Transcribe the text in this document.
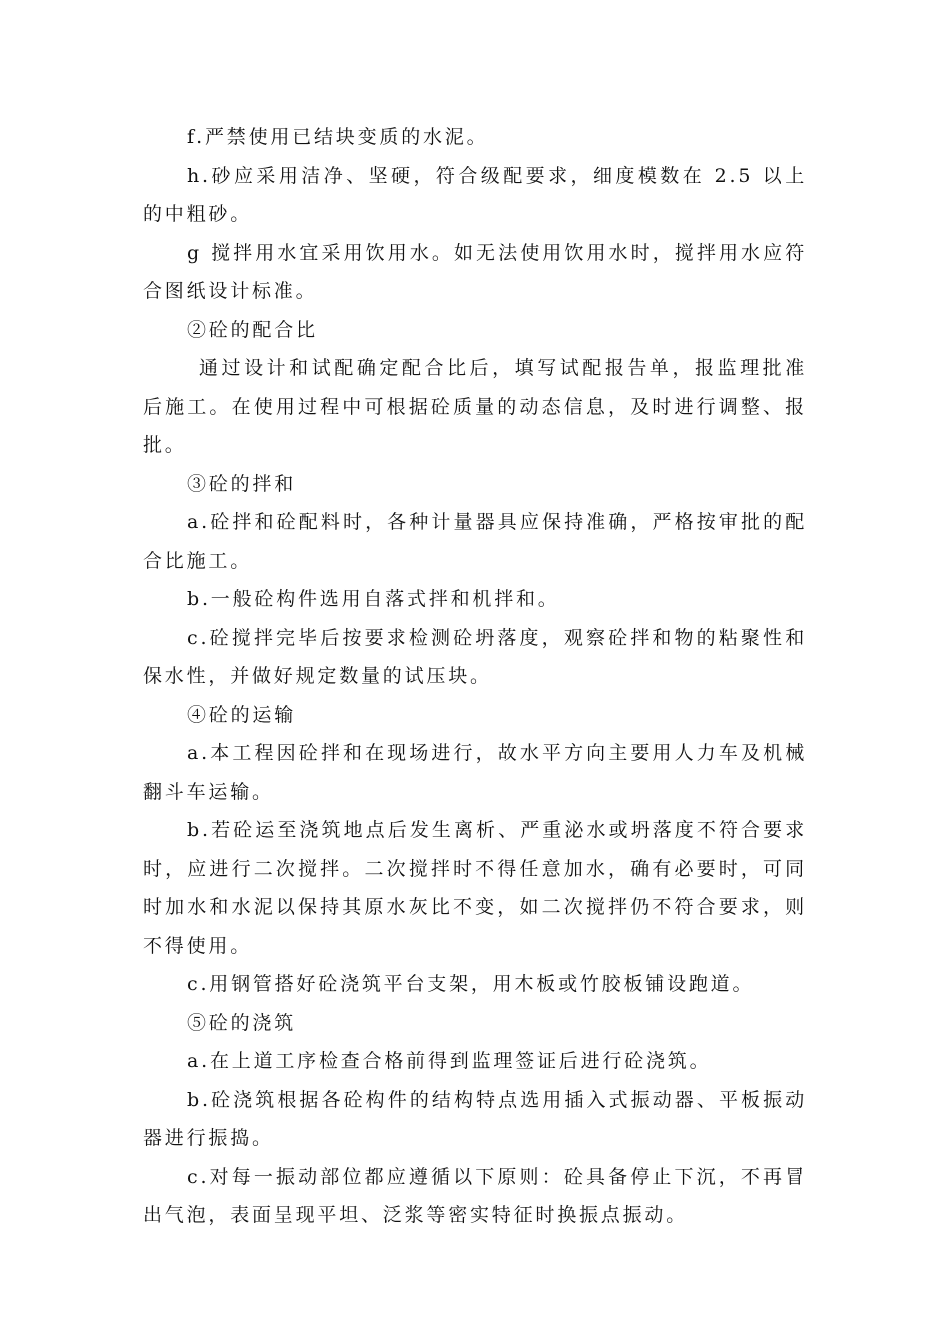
f.严禁使用已结块变质的水泥。

h.砂应采用洁净、坚硬，符合级配要求，细度模数在 2.5 以上的中粗砂。

g 搅拌用水宜采用饮用水。如无法使用饮用水时，搅拌用水应符合图纸设计标准。

②砼的配合比

通过设计和试配确定配合比后，填写试配报告单，报监理批准后施工。在使用过程中可根据砼质量的动态信息，及时进行调整、报批。

③砼的拌和

a.砼拌和砼配料时，各种计量器具应保持准确，严格按审批的配合比施工。

b.一般砼构件选用自落式拌和机拌和。

c.砼搅拌完毕后按要求检测砼坍落度，观察砼拌和物的粘聚性和保水性，并做好规定数量的试压块。

④砼的运输

a.本工程因砼拌和在现场进行，故水平方向主要用人力车及机械翻斗车运输。

b.若砼运至浇筑地点后发生离析、严重泌水或坍落度不符合要求时，应进行二次搅拌。二次搅拌时不得任意加水，确有必要时，可同时加水和水泥以保持其原水灰比不变，如二次搅拌仍不符合要求，则不得使用。

c.用钢管搭好砼浇筑平台支架，用木板或竹胶板铺设跑道。

⑤砼的浇筑

a.在上道工序检查合格前得到监理签证后进行砼浇筑。

b.砼浇筑根据各砼构件的结构特点选用插入式振动器、平板振动器进行振捣。

c.对每一振动部位都应遵循以下原则：砼具备停止下沉，不再冒出气泡，表面呈现平坦、泛浆等密实特征时换振点振动。
